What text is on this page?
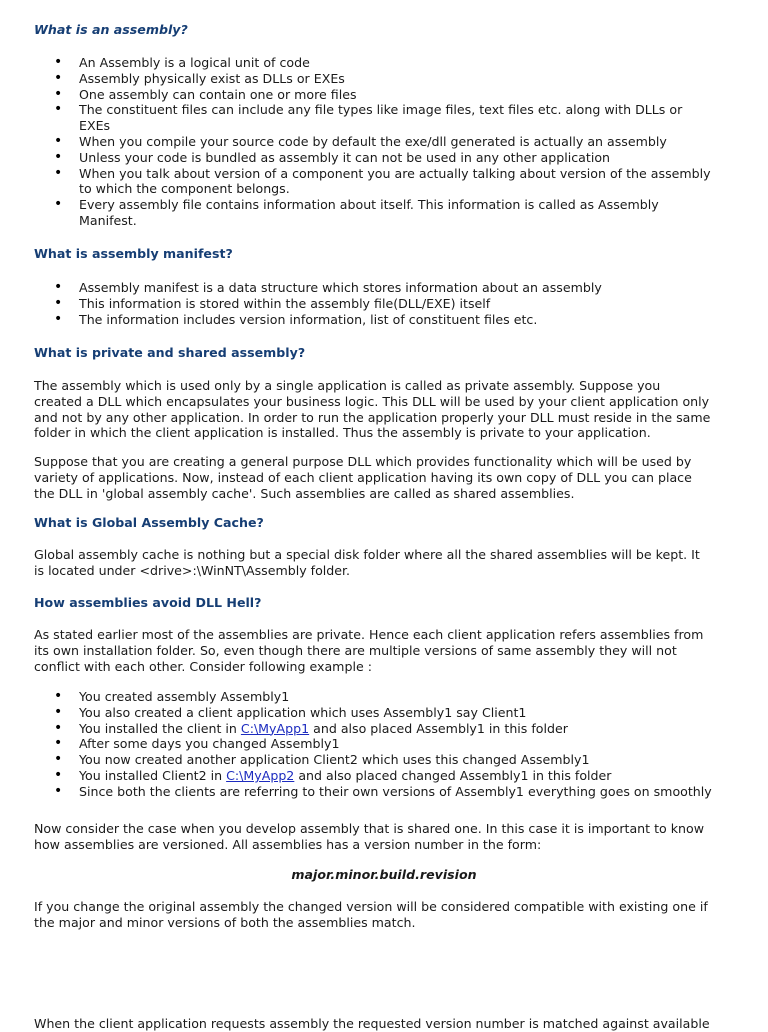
What is an assembly?
• An Assembly is a logical unit of code
• Assembly physically exist as DLLs or EXEs
• One assembly can contain one or more files
• The constituent files can include any file types like image files, text files etc. along with DLLs or EXEs
• When you compile your source code by default the exe/dll generated is actually an assembly
• Unless your code is bundled as assembly it can not be used in any other application
• When you talk about version of a component you are actually talking about version of the assembly to which the component belongs.
• Every assembly file contains information about itself. This information is called as Assembly Manifest.
What is assembly manifest?
• Assembly manifest is a data structure which stores information about an assembly
• This information is stored within the assembly file(DLL/EXE) itself
• The information includes version information, list of constituent files etc.
What is private and shared assembly?

The assembly which is used only by a single application is called as private assembly. Suppose you created a DLL which encapsulates your business logic. This DLL will be used by your client application only and not by any other application. In order to run the application properly your DLL must reside in the same folder in which the client application is installed. Thus the assembly is private to your application.

Suppose that you are creating a general purpose DLL which provides functionality which will be used by variety of applications. Now, instead of each client application having its own copy of DLL you can place the DLL in 'global assembly cache'. Such assemblies are called as shared assemblies.

What is Global Assembly Cache?

Global assembly cache is nothing but a special disk folder where all the shared assemblies will be kept. It is located under <drive>:\WinNT\Assembly folder.

How assemblies avoid DLL Hell?

As stated earlier most of the assemblies are private. Hence each client application refers assemblies from its own installation folder. So, even though there are multiple versions of same assembly they will not conflict with each other. Consider following example :

• You created assembly Assembly1
• You also created a client application which uses Assembly1 say Client1
• You installed the client in C:\MyApp1 and also placed Assembly1 in this folder
• After some days you changed Assembly1
• You now created another application Client2 which uses this changed Assembly1
• You installed Client2 in C:\MyApp2 and also placed changed Assembly1 in this folder
• Since both the clients are referring to their own versions of Assembly1 everything goes on smoothly

Now consider the case when you develop assembly that is shared one. In this case it is important to know how assemblies are versioned. All assemblies has a version number in the form:

major.minor.build.revision

If you change the original assembly the changed version will be considered compatible with existing one if the major and minor versions of both the assemblies match.

When the client application requests assembly the requested version number is matched against available
